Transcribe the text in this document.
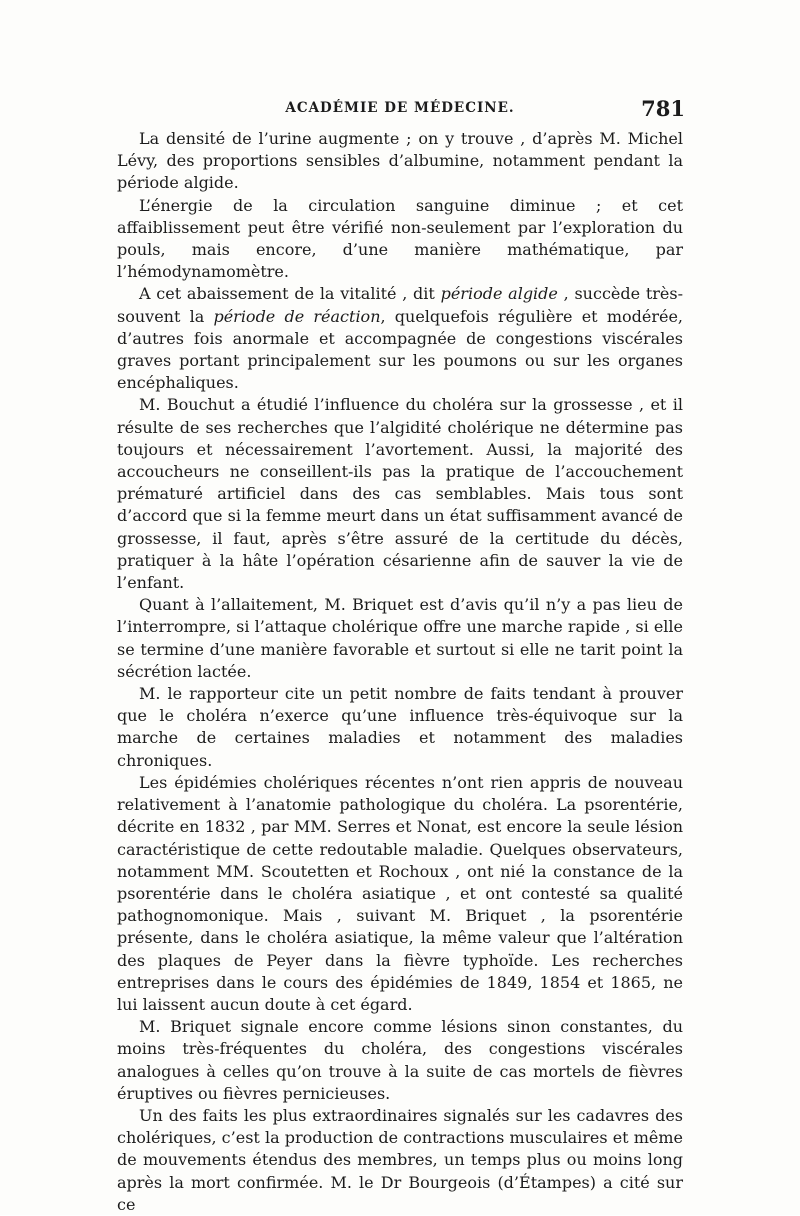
ACADÉMIE DE MÉDECINE.	781

La densité de l’urine augmente ; on y trouve , d’après M. Michel Lévy, des proportions sensibles d’albumine, notamment pendant la période algide.

L’énergie de la circulation sanguine diminue ; et cet affaiblissement peut être vérifié non-seulement par l’exploration du pouls, mais encore, d’une manière mathématique, par l’hémodynamomètre.

A cet abaissement de la vitalité , dit période algide , succède très-souvent la période de réaction, quelquefois régulière et modérée, d’autres fois anormale et accompagnée de congestions viscérales graves portant principalement sur les poumons ou sur les organes encéphaliques.

M. Bouchut a étudié l’influence du choléra sur la grossesse , et il résulte de ses recherches que l’algidité cholérique ne détermine pas toujours et nécessairement l’avortement. Aussi, la majorité des accoucheurs ne conseillent-ils pas la pratique de l’accouchement prématuré artificiel dans des cas semblables. Mais tous sont d’accord que si la femme meurt dans un état suffisamment avancé de grossesse, il faut, après s’être assuré de la certitude du décès, pratiquer à la hâte l’opération césarienne afin de sauver la vie de l’enfant.

Quant à l’allaitement, M. Briquet est d’avis qu’il n’y a pas lieu de l’interrompre, si l’attaque cholérique offre une marche rapide , si elle se termine d’une manière favorable et surtout si elle ne tarit point la sécrétion lactée.

M. le rapporteur cite un petit nombre de faits tendant à prouver que le choléra n’exerce qu’une influence très-équivoque sur la marche de certaines maladies et notamment des maladies chroniques.

Les épidémies cholériques récentes n’ont rien appris de nouveau relativement à l’anatomie pathologique du choléra. La psorentérie, décrite en 1832 , par MM. Serres et Nonat, est encore la seule lésion caractéristique de cette redoutable maladie. Quelques observateurs, notamment MM. Scoutetten et Rochoux , ont nié la constance de la psorentérie dans le choléra asiatique , et ont contesté sa qualité pathognomonique. Mais , suivant M. Briquet , la psorentérie présente, dans le choléra asiatique, la même valeur que l’altération des plaques de Peyer dans la fièvre typhoïde. Les recherches entreprises dans le cours des épidémies de 1849, 1854 et 1865, ne lui laissent aucun doute à cet égard.

M. Briquet signale encore comme lésions sinon constantes, du moins très-fréquentes du choléra, des congestions viscérales analogues à celles qu’on trouve à la suite de cas mortels de fièvres éruptives ou fièvres pernicieuses.

Un des faits les plus extraordinaires signalés sur les cadavres des cholériques, c’est la production de contractions musculaires et même de mouvements étendus des membres, un temps plus ou moins long après la mort confirmée. M. le Dr Bourgeois (d’Étampes) a cité sur ce
